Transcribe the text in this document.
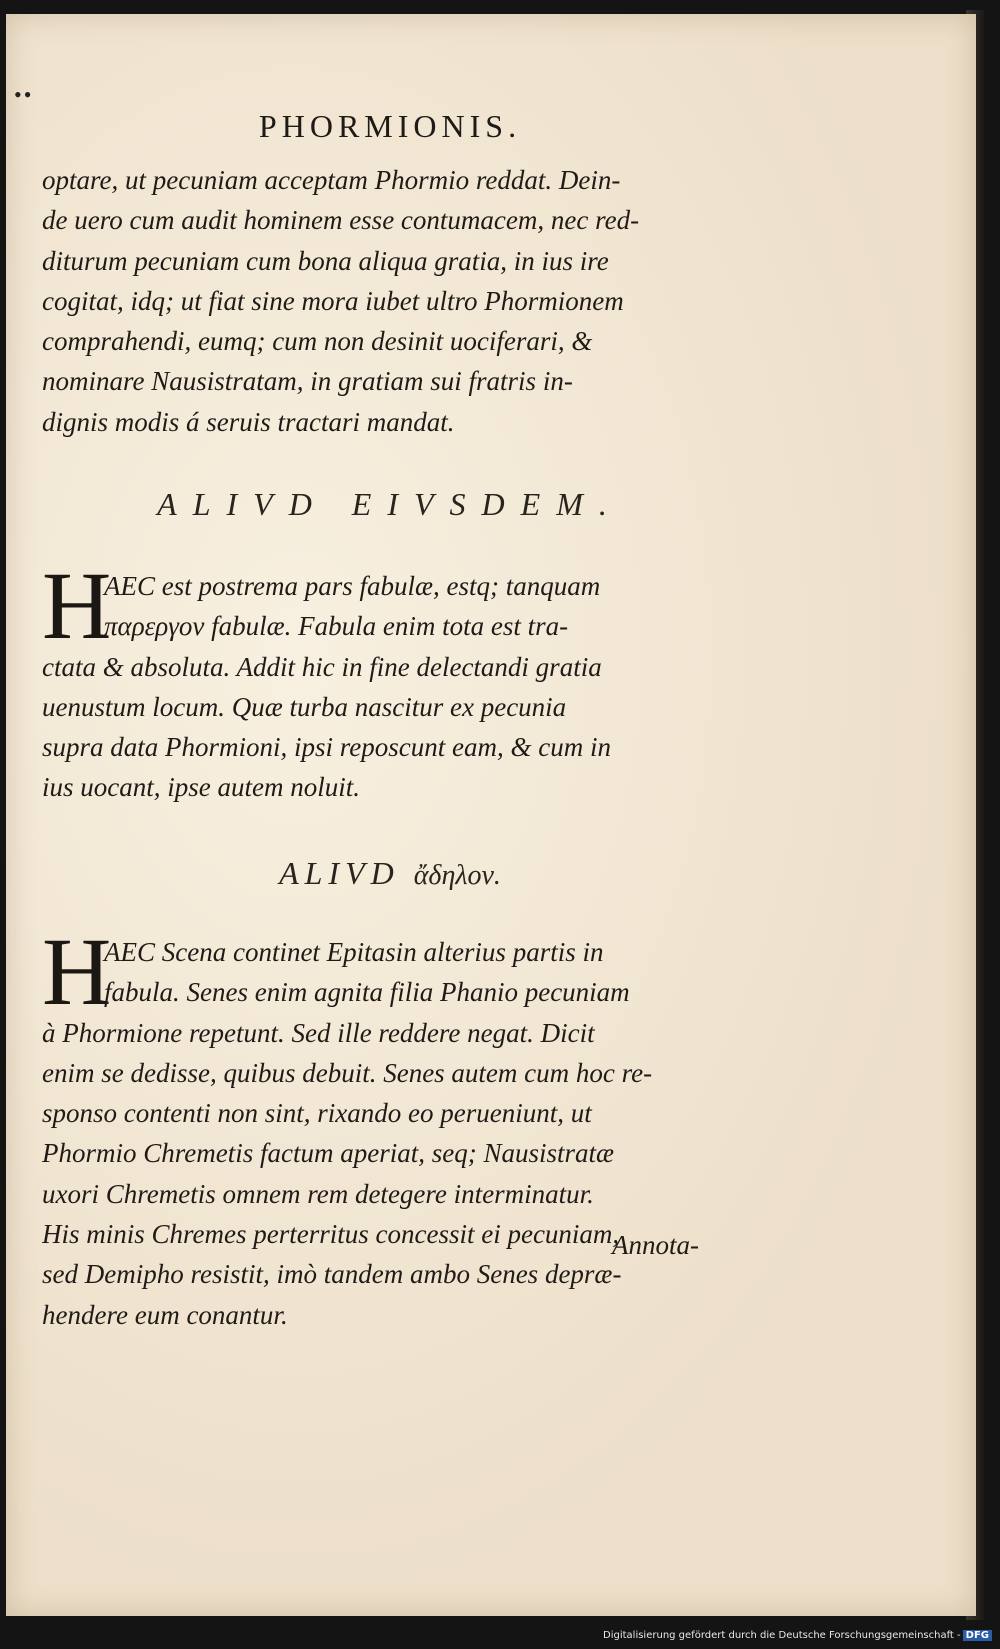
••
PHORMIONIS.
optare, ut pecuniam acceptam Phormio reddat. Dein-
de uero cum audit hominem esse contumacem, nec red-
diturum pecuniam cum bona aliqua gratia, in ius ire
cogitat, idq; ut fiat sine mora iubet ultro Phormionem
comprahendi, eumq; cum non desinit uociferari, &
nominare Nausistratam, in gratiam sui fratris in-
dignis modis á seruis tractari mandat.
ALIVD EIVSDEM.
H
AEC est postrema pars fabulæ, estq; tanquam
παρεργον fabulæ. Fabula enim tota est tra-
ctata & absoluta. Addit hic in fine delectandi gratia
uenustum locum. Quæ turba nascitur ex pecunia
supra data Phormioni, ipsi reposcunt eam, & cum in
ius uocant, ipse autem noluit.
ALIVD ἄδηλον.
H
AEC Scena continet Epitasin alterius partis in
fabula. Senes enim agnita filia Phanio pecuniam
à Phormione repetunt. Sed ille reddere negat. Dicit
enim se dedisse, quibus debuit. Senes autem cum hoc re-
sponso contenti non sint, rixando eo perueniunt, ut
Phormio Chremetis factum aperiat, seq; Nausistratæ
uxori Chremetis omnem rem detegere interminatur.
His minis Chremes perterritus concessit ei pecuniam,
sed Demipho resistit, imò tandem ambo Senes depræ-
hendere eum conantur.
Annota-
Digitalisierung gefördert durch die Deutsche Forschungsgemeinschaft - DFG
